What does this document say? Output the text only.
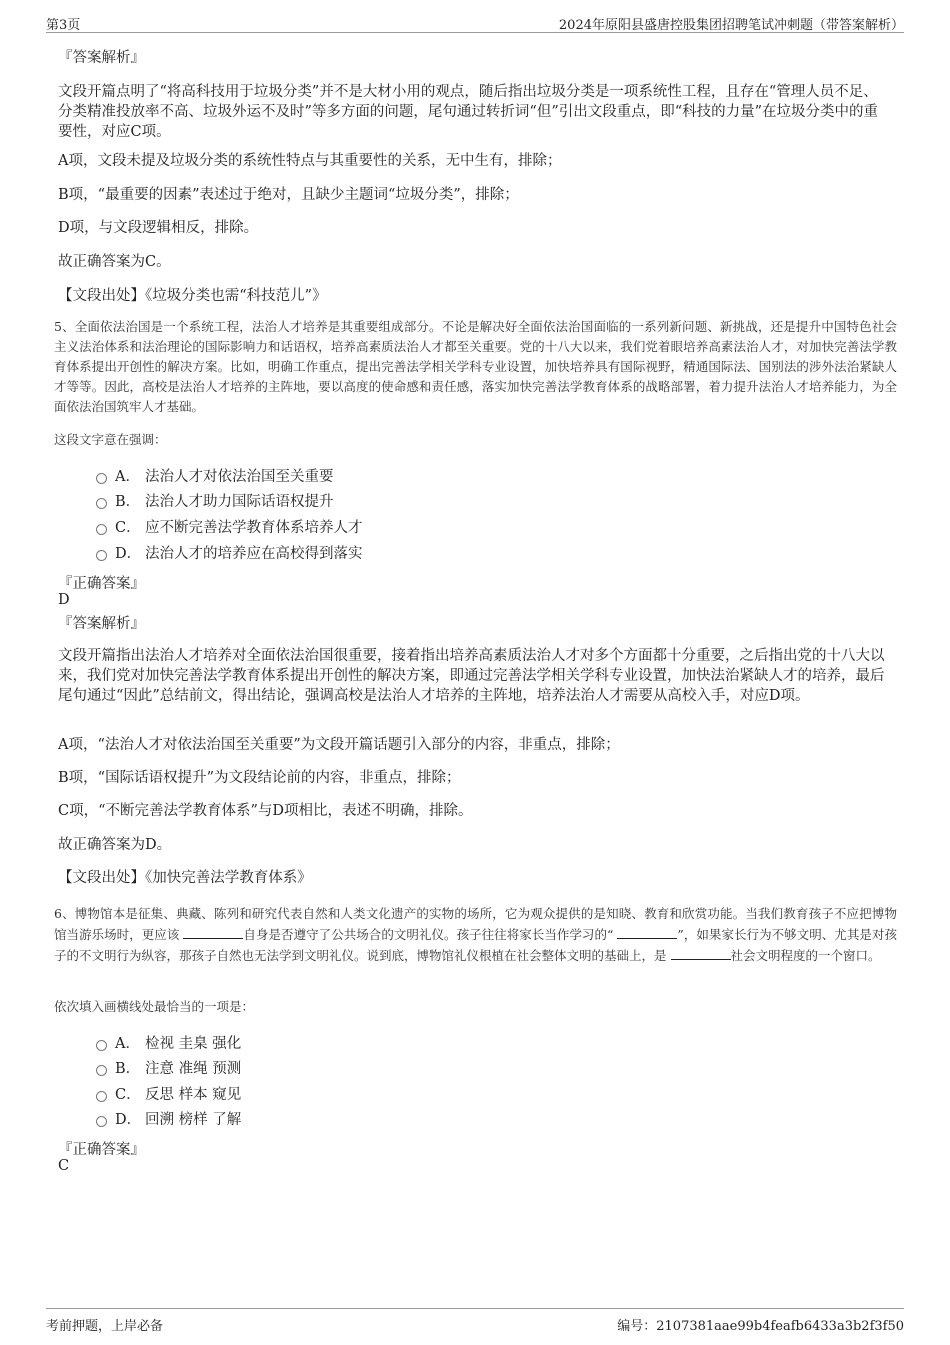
第3页	2024年原阳县盛唐控股集团招聘笔试冲刺题（带答案解析）
『答案解析』
文段开篇点明了“将高科技用于垃圾分类”并不是大材小用的观点，随后指出垃圾分类是一项系统性工程，且存在“管理人员不足、分类精准投放率不高、垃圾外运不及时”等多方面的问题，尾句通过转折词“但”引出文段重点，即“科技的力量”在垃圾分类中的重要性，对应C项。
A项，文段未提及垃圾分类的系统性特点与其重要性的关系，无中生有，排除；
B项，“最重要的因素”表述过于绝对，且缺少主题词“垃圾分类”，排除；
D项，与文段逻辑相反，排除。
故正确答案为C。
【文段出处】《垃圾分类也需“科技范儿”》
5、全面依法治国是一个系统工程，法治人才培养是其重要组成部分。不论是解决好全面依法治国面临的一系列新问题、新挑战，还是提升中国特色社会主义法治体系和法治理论的国际影响力和话语权，培养高素质法治人才都至关重要。党的十八大以来，我们党着眼培养高素法治人才，对加快完善法学教育体系提出开创性的解决方案。比如，明确工作重点，提出完善法学相关学科专业设置，加快培养具有国际视野，精通国际法、国别法的涉外法治紧缺人才等等。因此，高校是法治人才培养的主阵地，要以高度的使命感和责任感，落实加快完善法学教育体系的战略部署，着力提升法治人才培养能力，为全面依法治国筑牢人才基础。
这段文字意在强调：
A． 法治人才对依法治国至关重要
B． 法治人才助力国际话语权提升
C． 应不断完善法学教育体系培养人才
D． 法治人才的培养应在高校得到落实
『正确答案』
D
『答案解析』
文段开篇指出法治人才培养对全面依法治国很重要，接着指出培养高素质法治人才对多个方面都十分重要，之后指出党的十八大以来，我们党对加快完善法学教育体系提出开创性的解决方案，即通过完善法学相关学科专业设置，加快法治紧缺人才的培养，最后尾句通过“因此”总结前文，得出结论，强调高校是法治人才培养的主阵地，培养法治人才需要从高校入手，对应D项。
A项，“法治人才对依法治国至关重要”为文段开篇话题引入部分的内容，非重点，排除；
B项，“国际话语权提升”为文段结论前的内容，非重点，排除；
C项，“不断完善法学教育体系”与D项相比，表述不明确，排除。
故正确答案为D。
【文段出处】《加快完善法学教育体系》
6、博物馆本是征集、典藏、陈列和研究代表自然和人类文化遗产的实物的场所，它为观众提供的是知晓、教育和欣赏功能。当我们教育孩子不应把博物馆当游乐场时，更应该	自身是否遵守了公共场合的文明礼仪。孩子往往将家长当作学习的“	”，如果家长行为不够文明、尤其是对孩子的不文明行为纵容，那孩子自然也无法学到文明礼仪。说到底，博物馆礼仪根植在社会整体文明的基础上，是	社会文明程度的一个窗口。
依次填入画横线处最恰当的一项是：
A． 检视 圭臬 强化
B． 注意 准绳 预测
C． 反思 样本 窥见
D． 回溯 榜样 了解
『正确答案』
C
考前押题，上岸必备	编号：2107381aae99b4feafb6433a3b2f3f50
